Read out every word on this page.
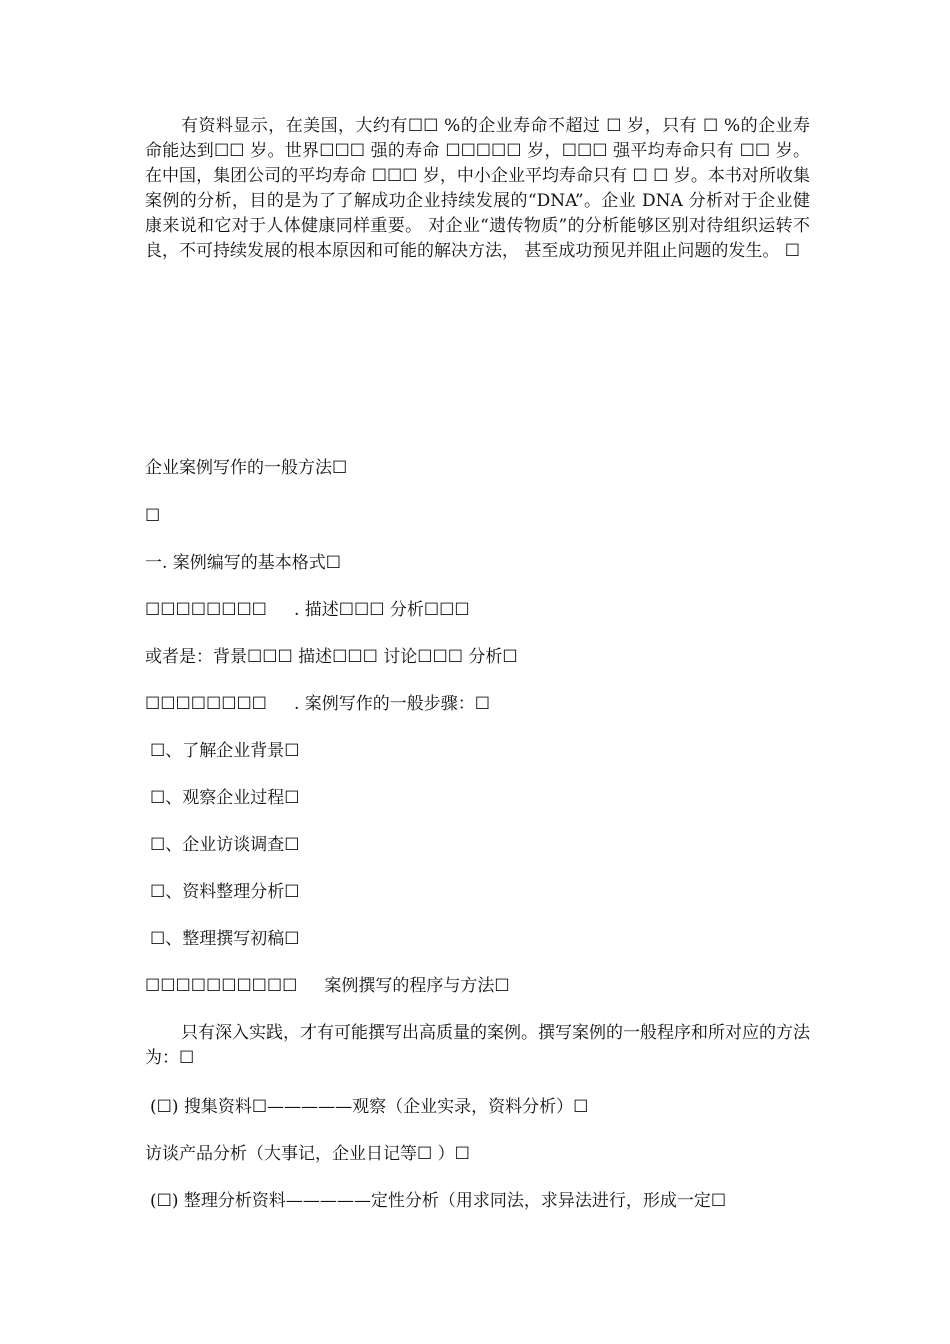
有资料显示，在美国，大约有☐☐ %的企业寿命不超过 ☐ 岁，只有 ☐ %的企业寿命能达到☐☐ 岁。世界☐☐☐ 强的寿命 ☐☐☐☐☐ 岁，☐☐☐ 强平均寿命只有 ☐☐ 岁。在中国，集团公司的平均寿命 ☐☐☐ 岁，中小企业平均寿命只有 ☐ ☐ 岁。本书对所收集案例的分析，目的是为了了解成功企业持续发展的“DNA”。企业 DNA 分析对于企业健康来说和它对于人体健康同样重要。 对企业“遗传物质”的分析能够区别对待组织运转不良，不可持续发展的根本原因和可能的解决方法， 甚至成功预见并阻止问题的发生。 ☐

企业案例写作的一般方法☐
☐
一. 案例编写的基本格式☐
☐☐☐☐☐☐☐☐     . 描述☐☐☐ 分析☐☐☐
或者是：背景☐☐☐ 描述☐☐☐ 讨论☐☐☐ 分析☐
☐☐☐☐☐☐☐☐     . 案例写作的一般步骤：☐
☐、了解企业背景☐
☐、观察企业过程☐
☐、企业访谈调查☐
☐、资料整理分析☐
☐、整理撰写初稿☐
☐☐☐☐☐☐☐☐☐☐     案例撰写的程序与方法☐

只有深入实践，才有可能撰写出高质量的案例。撰写案例的一般程序和所对应的方法为：☐

(☐) 搜集资料☐—————观察（企业实录，资料分析）☐
访谈产品分析（大事记，企业日记等☐ ）☐
(☐) 整理分析资料—————定性分析（用求同法，求异法进行，形成一定☐
